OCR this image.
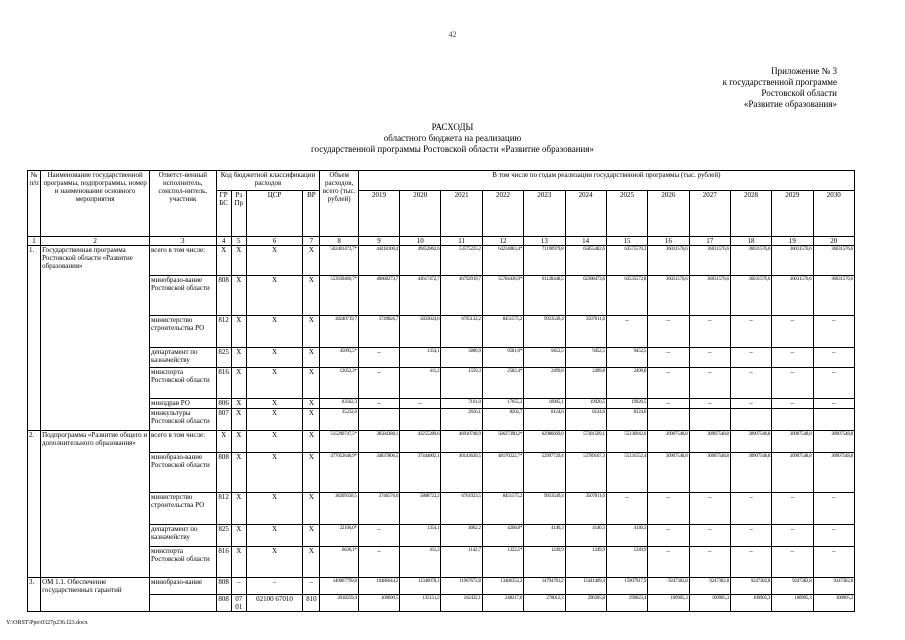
42
Приложение № 3
к государственной программе
Ростовской области
«Развитие образования»
РАСХОДЫ
областного бюджета на реализацию
государственной программы Ростовской области «Развитие образования»
№ п/п	Наименование государственной программы, подпрограммы, номер и наименование основного мероприятия	Ответст-венный исполнитель, соиспол-нитель, участник	Код бюджетной классификации расходов				Объем расходов, всего (тыс. рублей)	В том числе по годам реализации государственной программы (тыс. рублей)											
			ГР БС	Рз Пр	ЦСР	ВР		2019	2020	2021	2022	2023	2024	2025	2026	2027	2028	2029	2030
1	2	3	4	5	6	7	8	9	10	11	12	13	14	15	16	17	18	19	20
1.	Государственная программа Ростовской области «Развитие образования»	всего в том числе:	X	X	X	X	502401473,7*	44418100,4	49452862,6	53575225,2	64234083,4*	71190979,8	65855482,6	63575570,3	36031576,6	36031576,6	36031576,6	36031576,6	36031576,6
		минобразо-вание Ростовской области	808	X	X	X	553930469,7*	40668273,7	43617472,7	46792919,7	55784436,9*	61128448,5	62308473,6	63535572,8	36031576,6	36031576,6	36031576,6	36031576,6	36031576,6
		министерство строительства РО	812	X	X	X	38240719,7	3749826,7	5833024,6	6765132,2	8451575,2	9933549,4	3507011,6	–	–	–	–	–	–
		департамент по казначейству	825	X	X	X	45095,5*	–	1354,1	5806,9	9581,0*	9452,5	9452,5	9452,5	–	–	–	–	–
		минспорта Ростовской области	816	X	X	X	12052,3*	–	411,2	1559,3	2582,4*	2499,8	2499,8	2499,8	–	–	–	–	–
		минздрав РО	806	X	X	X	83562,3	–	–	7161,0	17655,2	18905,1	19920,5	19920,5	–	–	–	–	–
		минкультуры Ростовской области	807	X	X	X	35232,6			2656,1	8202,7	8124,6	8124,6	8124,6					
2.	Подпрограмма «Развитие общего и дополнительного образования»	всего в том числе:	X	X	X	X	515290747,5*	38584388,1	43255289,6	46910748,9	56627390,2*	62986669,0	57301569,1	55136942,6	30907548,8	30907548,8	30907548,8	30907548,8	30907548,8
		минобразо-вание Ростовской области	808	X	X	X	477052646,9*	34837806,5	37444802,1	40143620,5	48170222,7*	52997729,4	53789167,3	55131552,4	30907548,8	30907548,8	30907548,8	30907548,8	30907548,8
		министерство строительства РО	812	X	X	X	38209358,5	3746576,6	5808722,2	6761923,5	8451575,2	9933549,4	3507011,6	–	–	–	–	–	–
		департамент по казначейству	825	X	X	X	22106,0*	–	1354,1	4062,2	4268,8*	4140,3	4140,3	4140,3	–	–	–	–	–
		минспорта Ростовской области	816	X	X	X	6636,1*	–	411,2	1142,7	1322,5*	1249,9	1249,9	1249,9	–	–	–	–	–
3.	ОМ 1.1. Обеспечение государственных гарантий	минобразо-вание	808	–	–	–	140067799,8	10486644,2	11346078,1	11967672,8	13486352,2	14794781,2	15441409,4	15907917,9	9247382,8	9247382,8	9247382,8	9247382,8	9247382,8
			808	07 01	02100 67010	810	2018259,4	100690,5	135151,2	162432,1	248217,6	278012,3	290205,8	299023,4	100905,3	100905,3	100905,3	100905,3	100905,3
Y:\ORST\Ppo\0327p236.f23.docx
